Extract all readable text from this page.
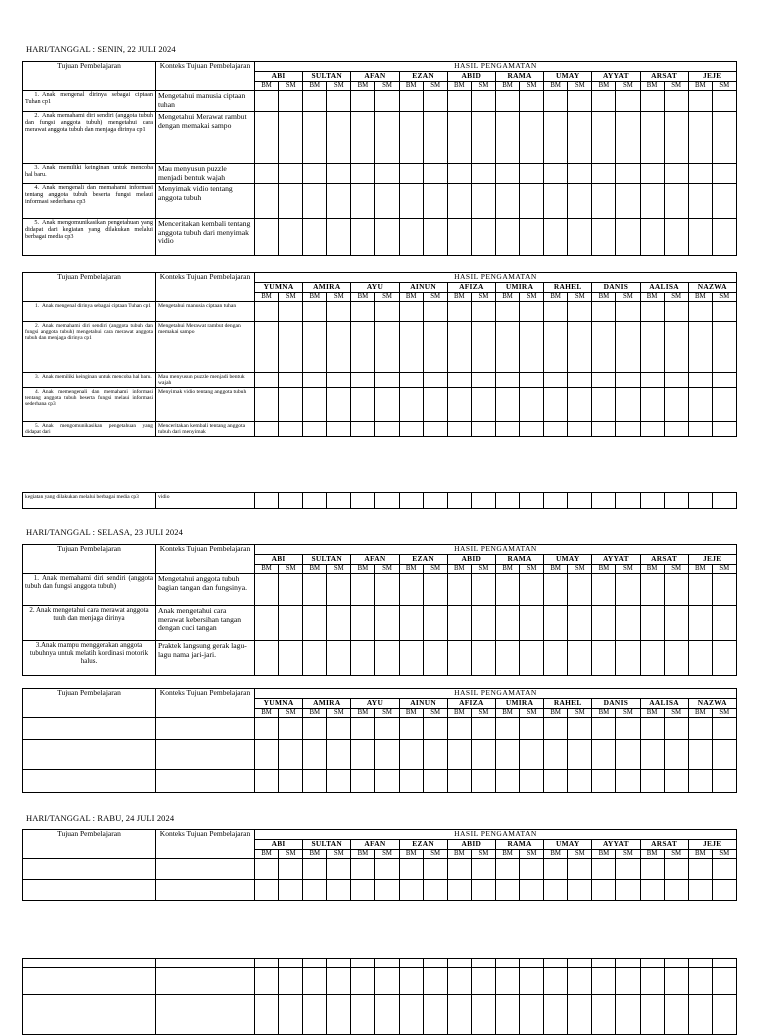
HARI/TANGGAL : SENIN, 22 JULI 2024
Tujuan Pembelajaran	Konteks Tujuan Pembelajaran	HASIL PENGAMATAN																			
		ABI		SULTAN		AFAN		EZAN		ABID		RAMA		UMAY		AYYAT		ARSAT		JEJE	
		BM	SM	BM	SM	BM	SM	BM	SM	BM	SM	BM	SM	BM	SM	BM	SM	BM	SM	BM	SM
1. Anak mengenal dirinya sebagai ciptaan Tuhan cp1	Mengetahui manusia ciptaan tuhan																				
2. Anak memahami diri sendiri (anggota tubuh dan fungsi anggota tubuh) mengetahui cara merawat anggota tubuh dan menjaga dirinya cp1	Mengetahui Merawat rambut dengan memakai sampo																				
3. Anak memiliki keinginan untuk mencoba hal baru.	Mau menyusun puzzle menjadi bentuk wajah																				
4. Anak mengenali dan memahami informasi tentang anggota tubuh beserta fungsi melaui informasi sederhana cp3	Menyimak vidio tentang anggota tubuh																				
5. Anak mengomunikasikan pengetahuan yang didapat dari kegiatan yang dilakukan melalui berbagai media cp3	Menceritakan kembali tentang anggota tubuh dari menyimak vidio																				
Tujuan Pembelajaran	Konteks Tujuan Pembelajaran	HASIL PENGAMATAN																			
		YUMNA		AMIRA		AYU		AINUN		AFIZA		UMIRA		RAHEL		DANIS		AALISA		NAZWA	
		BM	SM	BM	SM	BM	SM	BM	SM	BM	SM	BM	SM	BM	SM	BM	SM	BM	SM	BM	SM
1. Anak mengenal dirinya sebagai ciptaan Tuhan cp1	Mengetahui manusia ciptaan tuhan																				
2. Anak memahami diri sendiri (anggota tubuh dan fungsi anggota tubuh) mengetahui cara merawat anggota tubuh dan menjaga dirinya cp1	Mengetahui Merawat rambut dengan memakai sampo																				
3. Anak memiliki keinginan untuk mencoba hal baru.	Mau menyusun puzzle menjadi bentuk wajah																				
4. Anak memengenali dan memahami informasi tentang anggota tubuh beserta fungsi melaui informasi sederhana cp3	Menyimak vidio tentang anggota tubuh																				
5. Anak mengomunikasikan pengetahuan yang didapat dari	Menceritakan kembali tentang anggota tubuh dari menyimak																				
kegiatan yang dilakukan melalui berbagai media cp3	vidio																				
HARI/TANGGAL : SELASA, 23 JULI 2024
Tujuan Pembelajaran	Konteks Tujuan Pembelajaran	HASIL PENGAMATAN																			
		ABI		SULTAN		AFAN		EZAN		ABID		RAMA		UMAY		AYYAT		ARSAT		JEJE	
		BM	SM	BM	SM	BM	SM	BM	SM	BM	SM	BM	SM	BM	SM	BM	SM	BM	SM	BM	SM
1. Anak memahami diri sendiri (anggota tubuh dan fungsi anggota tubuh)	Mengetahui anggota tubuh bagian tangan dan fungsinya.																				
2. Anak mengetahui cara merawat anggota tuuh dan menjaga dirinya	Anak mengetahui cara merawat kebersihan tangan dengan cuci tangan																				
3.Anak mampu menggerakan anggota tubuhnya untuk melatih kordinasi motorik halus.	Praktek langsung gerak lagu-lagu nama jari-jari.																				
Tujuan Pembelajaran	Konteks Tujuan Pembelajaran	HASIL PENGAMATAN																			
		YUMNA		AMIRA		AYU		AINUN		AFIZA		UMIRA		RAHEL		DANIS		AALISA		NAZWA	
		BM	SM	BM	SM	BM	SM	BM	SM	BM	SM	BM	SM	BM	SM	BM	SM	BM	SM	BM	SM

HARI/TANGGAL : RABU, 24 JULI 2024
Tujuan Pembelajaran	Konteks Tujuan Pembelajaran	HASIL PENGAMATAN																			
		ABI		SULTAN		AFAN		EZAN		ABID		RAMA		UMAY		AYYAT		ARSAT		JEJE	
		BM	SM	BM	SM	BM	SM	BM	SM	BM	SM	BM	SM	BM	SM	BM	SM	BM	SM	BM	SM
